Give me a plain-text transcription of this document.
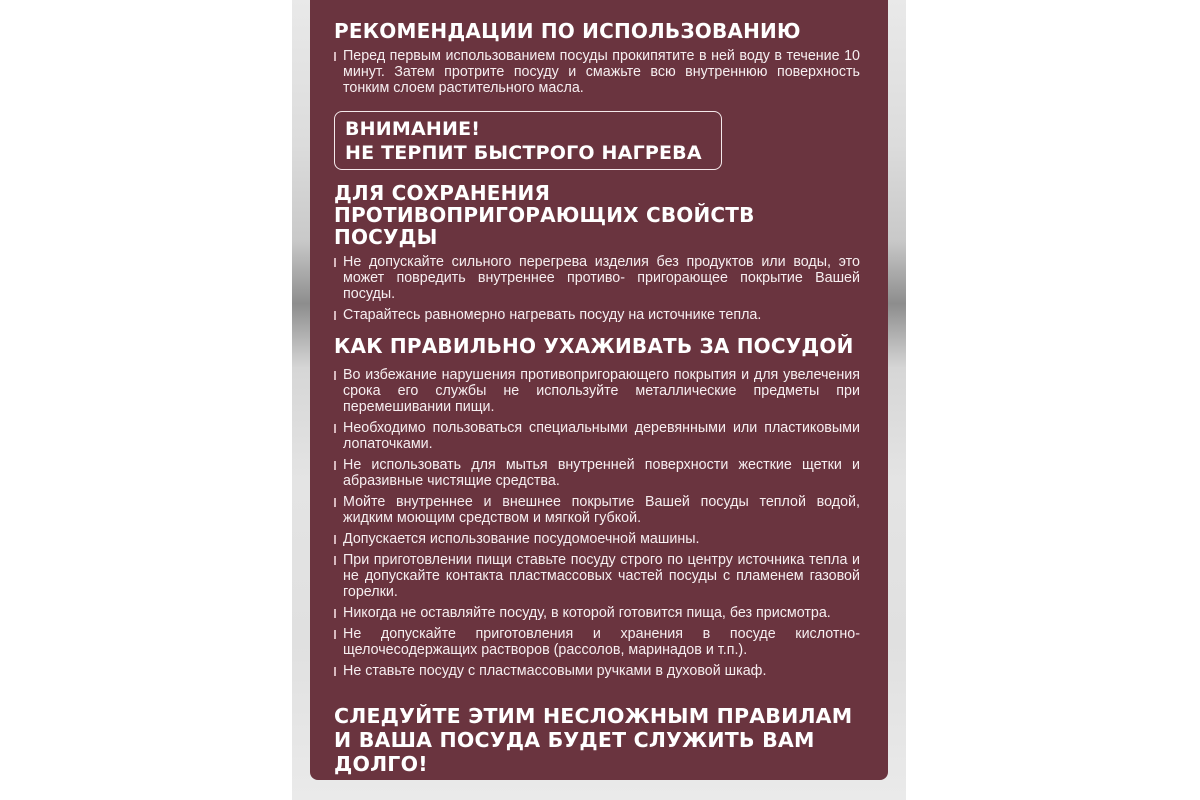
РЕКОМЕНДАЦИИ ПО ИСПОЛЬЗОВАНИЮ
Перед первым использованием посуды прокипятите в ней воду в течение 10 минут. Затем протрите посуду и смажьте всю внутреннюю поверхность тонким слоем растительного масла.
ВНИМАНИЕ!
НЕ ТЕРПИТ БЫСТРОГО НАГРЕВА
ДЛЯ СОХРАНЕНИЯ
ПРОТИВОПРИГОРАЮЩИХ СВОЙСТВ ПОСУДЫ
Не допускайте сильного перегрева изделия без продуктов или воды, это может повредить внутреннее противо- пригорающее покрытие Вашей посуды.
Старайтесь равномерно нагревать посуду на источнике тепла.
КАК ПРАВИЛЬНО УХАЖИВАТЬ ЗА ПОСУДОЙ
Во избежание нарушения противопригорающего покрытия и для увелечения срока его службы не используйте металлические предметы при перемешивании пищи.
Необходимо пользоваться специальными деревянными или пластиковыми лопаточками.
Не использовать для мытья внутренней поверхности жесткие щетки и абразивные чистящие средства.
Мойте внутреннее и внешнее покрытие Вашей посуды теплой водой, жидким моющим средством и мягкой губкой.
Допускается использование посудомоечной машины.
При приготовлении пищи ставьте посуду строго по центру источника тепла и не допускайте контакта пластмассовых частей посуды с пламенем газовой горелки.
Никогда не оставляйте посуду, в которой готовится пища, без присмотра.
Не допускайте приготовления и хранения в посуде кислотно-щелочесодержащих растворов (рассолов, маринадов и т.п.).
Не ставьте посуду с пластмассовыми ручками в духовой шкаф.
СЛЕДУЙТЕ ЭТИМ НЕСЛОЖНЫМ ПРАВИЛАМ
И ВАША ПОСУДА БУДЕТ СЛУЖИТЬ ВАМ ДОЛГО!
